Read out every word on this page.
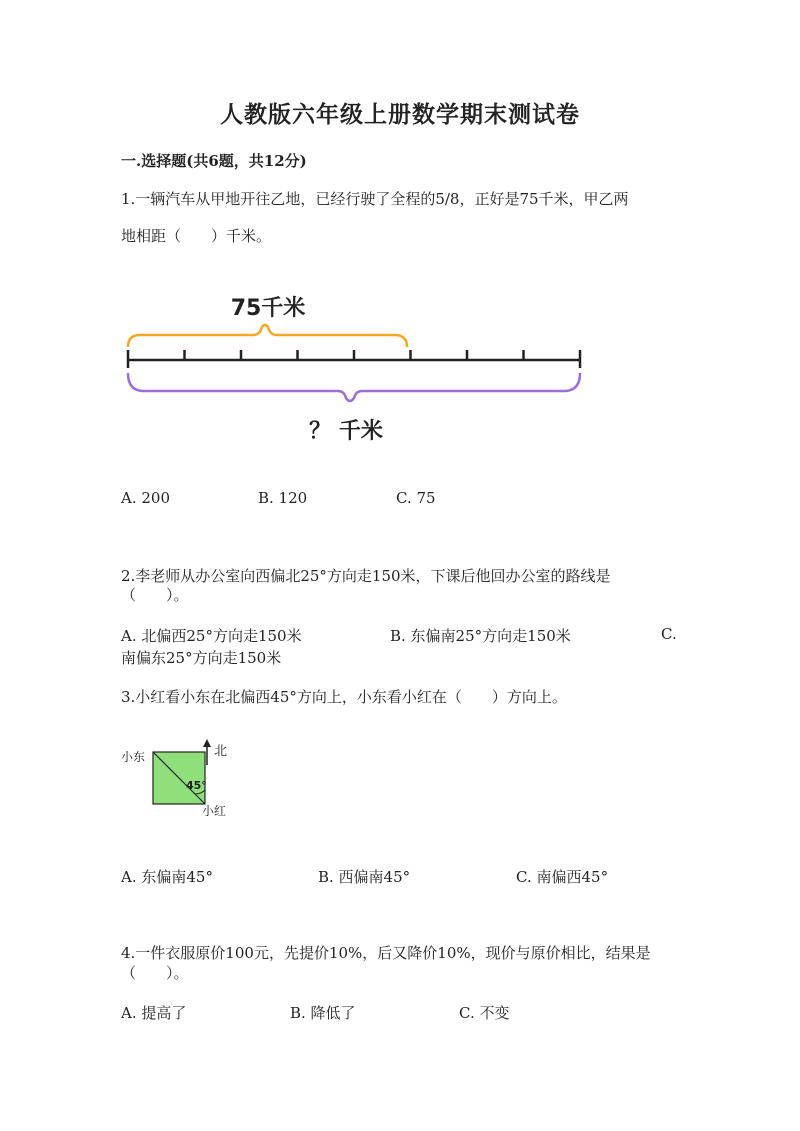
人教版六年级上册数学期末测试卷
一.选择题(共6题，共12分)
1.一辆汽车从甲地开往乙地，已经行驶了全程的5/8，正好是75千米，甲乙两
地相距（　　）千米。
75千米
？ 千米
A. 200	B. 120	C. 75
2.李老师从办公室向西偏北25°方向走150米，下课后他回办公室的路线是
（　　）。
A. 北偏西25°方向走150米	B. 东偏南25°方向走150米	C.
南偏东25°方向走150米
3.小红看小东在北偏西45°方向上，小东看小红在（　　）方向上。
北
小东
小红
45°
A. 东偏南45°	B. 西偏南45°	C. 南偏西45°
4.一件衣服原价100元，先提价10%，后又降价10%，现价与原价相比，结果是
（　　）。
A. 提高了	B. 降低了	C. 不变
